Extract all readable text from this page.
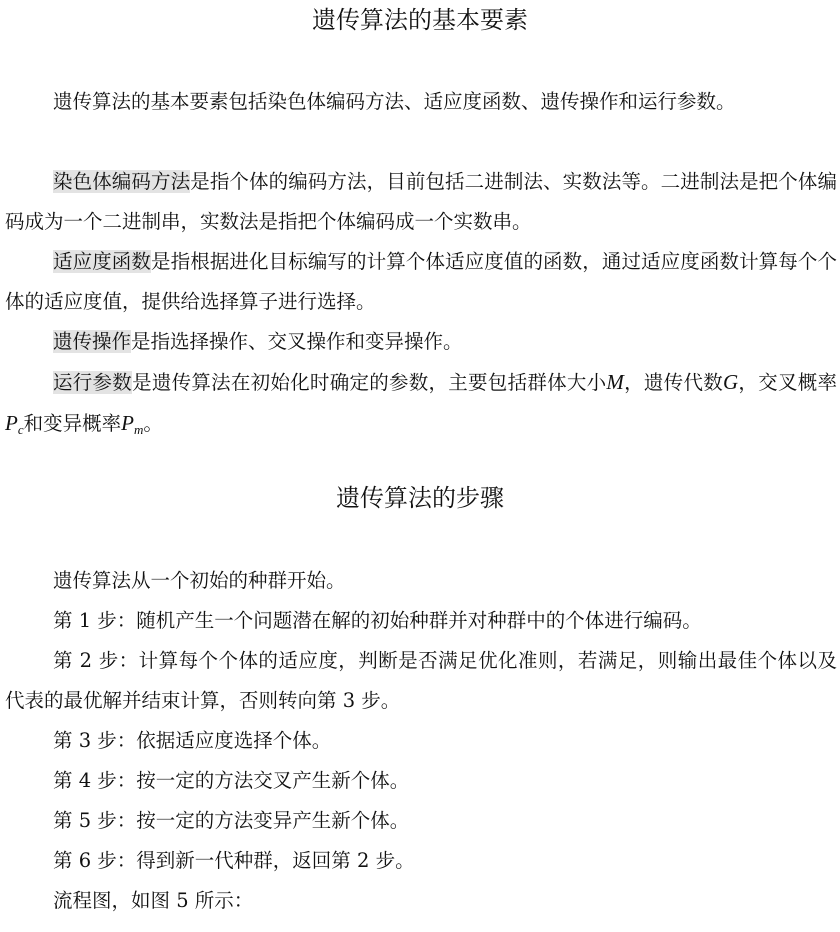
遗传算法的基本要素

遗传算法的基本要素包括染色体编码方法、适应度函数、遗传操作和运行参数。

染色体编码方法是指个体的编码方法，目前包括二进制法、实数法等。二进制法是把个体编码成为一个二进制串，实数法是指把个体编码成一个实数串。

适应度函数是指根据进化目标编写的计算个体适应度值的函数，通过适应度函数计算每个个体的适应度值，提供给选择算子进行选择。

遗传操作是指选择操作、交叉操作和变异操作。

运行参数是遗传算法在初始化时确定的参数，主要包括群体大小M，遗传代数G，交叉概率$P_c$和变异概率$P_m$。

遗传算法的步骤

遗传算法从一个初始的种群开始。

第 1 步：随机产生一个问题潜在解的初始种群并对种群中的个体进行编码。

第 2 步：计算每个个体的适应度，判断是否满足优化准则，若满足，则输出最佳个体以及代表的最优解并结束计算，否则转向第 3 步。

第 3 步：依据适应度选择个体。

第 4 步：按一定的方法交叉产生新个体。

第 5 步：按一定的方法变异产生新个体。

第 6 步：得到新一代种群，返回第 2 步。

流程图，如图 5 所示：
